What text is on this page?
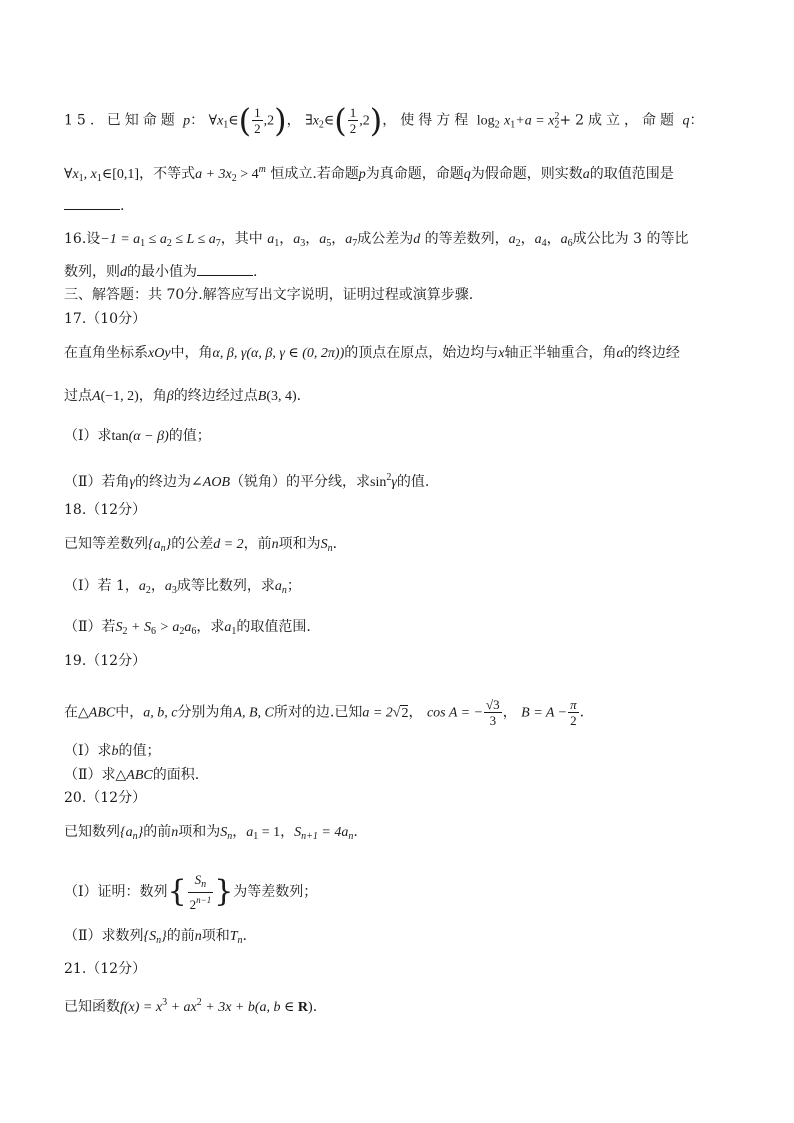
15. 已知命题 p： $\forall x_1\in( \frac{1}{2} ,2)$， $\exists x_2\in( \frac{1}{2} ,2)$，使得方程 $\log_2 x_1+a = x_2^2+2$成立，命题 q：
$\forall x_1$, $x_1\in[0,1]$，不等式$a + 3x_2 > 4^m$ 恒成立.若命题p为真命题，命题q为假命题，则实数a的取值范围是
.
16.设$-1 = a_1 \le a_2 \le L \le a_7$，其中 $a_1$，$a_3$，$a_5$，$a_7$成公差为d 的等差数列，$a_2$，$a_4$，$a_6$成公比为 3 的等比
数列，则d的最小值为	.
三、解答题：共 70分.解答应写出文字说明，证明过程或演算步骤.
17.（10分）
在直角坐标系xOy中，角α, β, γ(α, β, γ ∈ (0, 2π))的顶点在原点，始边均与x轴正半轴重合，角α的终边经
过点A(−1, 2)，角β的终边经过点B(3, 4).
（Ⅰ）求tan(α − β)的值；
（Ⅱ）若角γ的终边为∠AOB（锐角）的平分线，求$\sin^2\gamma$的值.
18.（12分）
已知等差数列$\{a_n\}$的公差d = 2，前n项和为$S_n$.
（Ⅰ）若 1，$a_2$，$a_3$成等比数列，求$a_n$；
（Ⅱ）若$S_2 + S_6 > a_2a_6$，求$a_1$的取值范围.
19.（12分）
在△ABC中，a, b, c分别为角A, B, C所对的边.已知a = 2√2， cos A = − $\frac{√3}{3}$ ， $B = A - \frac{\pi}{2}$ .
（Ⅰ）求b的值；
（Ⅱ）求△ABC的面积.
20.（12分）
已知数列$\{a_n\}$的前n项和为$S_n$，$a_1 = 1$，$S_{n+1} = 4a_n$.
（Ⅰ）证明：数列{ $\frac{S_n}{2^{n-1}}$ }为等差数列；
（Ⅱ）求数列$\{S_n\}$的前n项和$T_n$.
21.（12分）
已知函数$f(x) = x^3 + ax^2 + 3x + b(a$, b ∈ R).
